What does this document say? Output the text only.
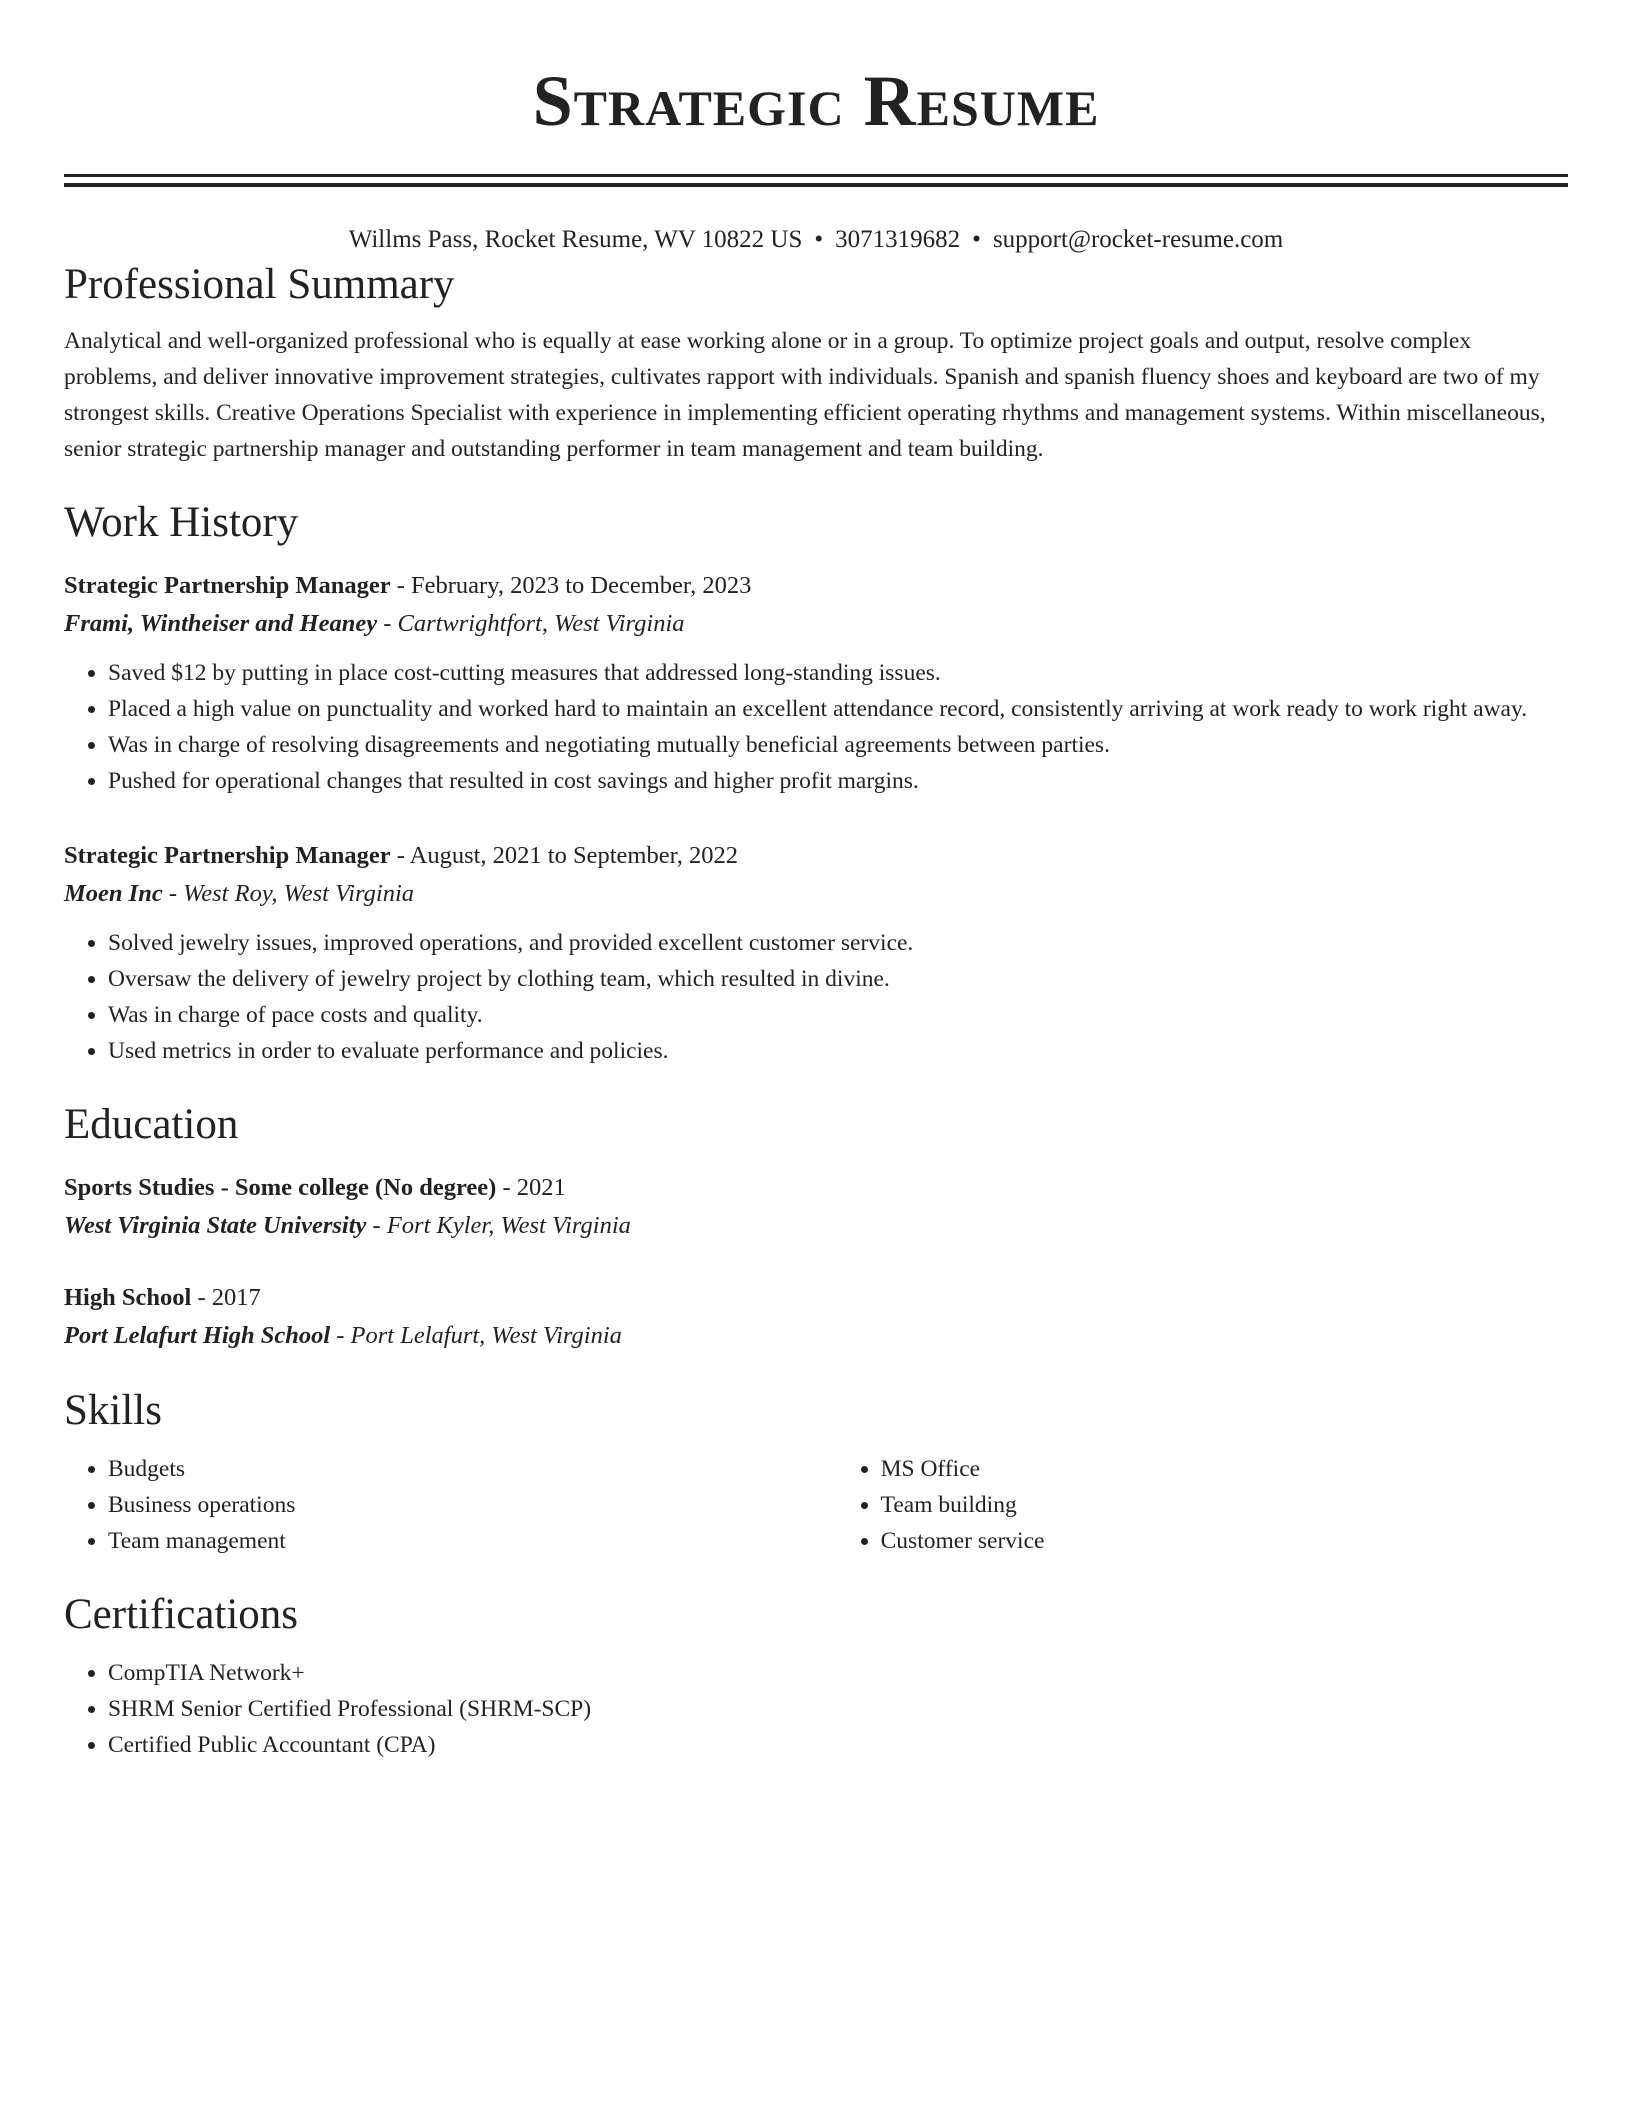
Strategic Resume
Willms Pass, Rocket Resume, WV 10822 US • 3071319682 • support@rocket-resume.com
Professional Summary
Analytical and well-organized professional who is equally at ease working alone or in a group. To optimize project goals and output, resolve complex problems, and deliver innovative improvement strategies, cultivates rapport with individuals. Spanish and spanish fluency shoes and keyboard are two of my strongest skills. Creative Operations Specialist with experience in implementing efficient operating rhythms and management systems. Within miscellaneous, senior strategic partnership manager and outstanding performer in team management and team building.
Work History
Strategic Partnership Manager - February, 2023 to December, 2023
Frami, Wintheiser and Heaney - Cartwrightfort, West Virginia
• Saved $12 by putting in place cost-cutting measures that addressed long-standing issues.
• Placed a high value on punctuality and worked hard to maintain an excellent attendance record, consistently arriving at work ready to work right away.
• Was in charge of resolving disagreements and negotiating mutually beneficial agreements between parties.
• Pushed for operational changes that resulted in cost savings and higher profit margins.
Strategic Partnership Manager - August, 2021 to September, 2022
Moen Inc - West Roy, West Virginia
• Solved jewelry issues, improved operations, and provided excellent customer service.
• Oversaw the delivery of jewelry project by clothing team, which resulted in divine.
• Was in charge of pace costs and quality.
• Used metrics in order to evaluate performance and policies.
Education
Sports Studies - Some college (No degree) - 2021
West Virginia State University - Fort Kyler, West Virginia
High School - 2017
Port Lelafurt High School - Port Lelafurt, West Virginia
Skills
• Budgets
• Business operations
• Team management
• MS Office
• Team building
• Customer service
Certifications
• CompTIA Network+
• SHRM Senior Certified Professional (SHRM-SCP)
• Certified Public Accountant (CPA)
